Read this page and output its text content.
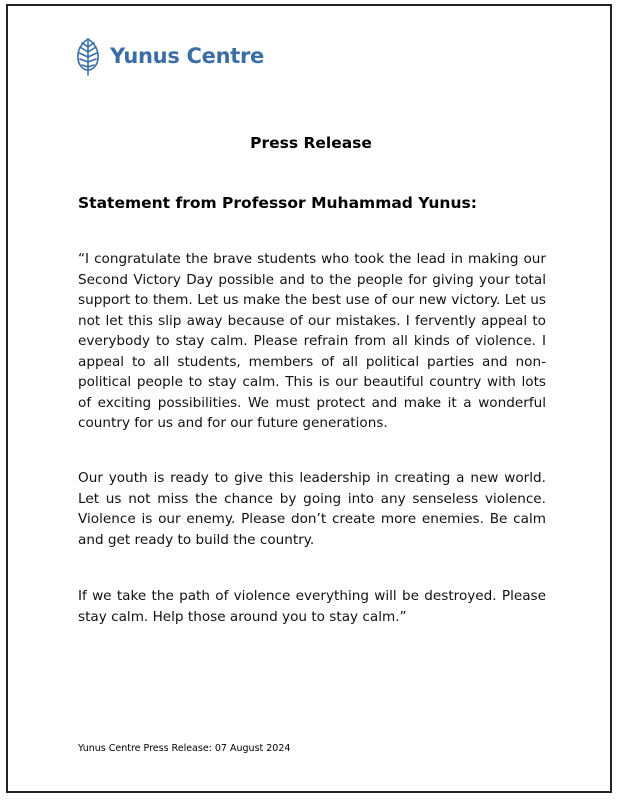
Yunus Centre
Press Release
Statement from Professor Muhammad Yunus:

“I congratulate the brave students who took the lead in making our Second Victory Day possible and to the people for giving your total support to them. Let us make the best use of our new victory. Let us not let this slip away because of our mistakes. I fervently appeal to everybody to stay calm. Please refrain from all kinds of violence. I appeal to all students, members of all political parties and non-political people to stay calm. This is our beautiful country with lots of exciting possibilities. We must protect and make it a wonderful country for us and for our future generations.

Our youth is ready to give this leadership in creating a new world. Let us not miss the chance by going into any senseless violence. Violence is our enemy. Please don’t create more enemies. Be calm and get ready to build the country.

If we take the path of violence everything will be destroyed. Please stay calm. Help those around you to stay calm.”

Yunus Centre Press Release: 07 August 2024
